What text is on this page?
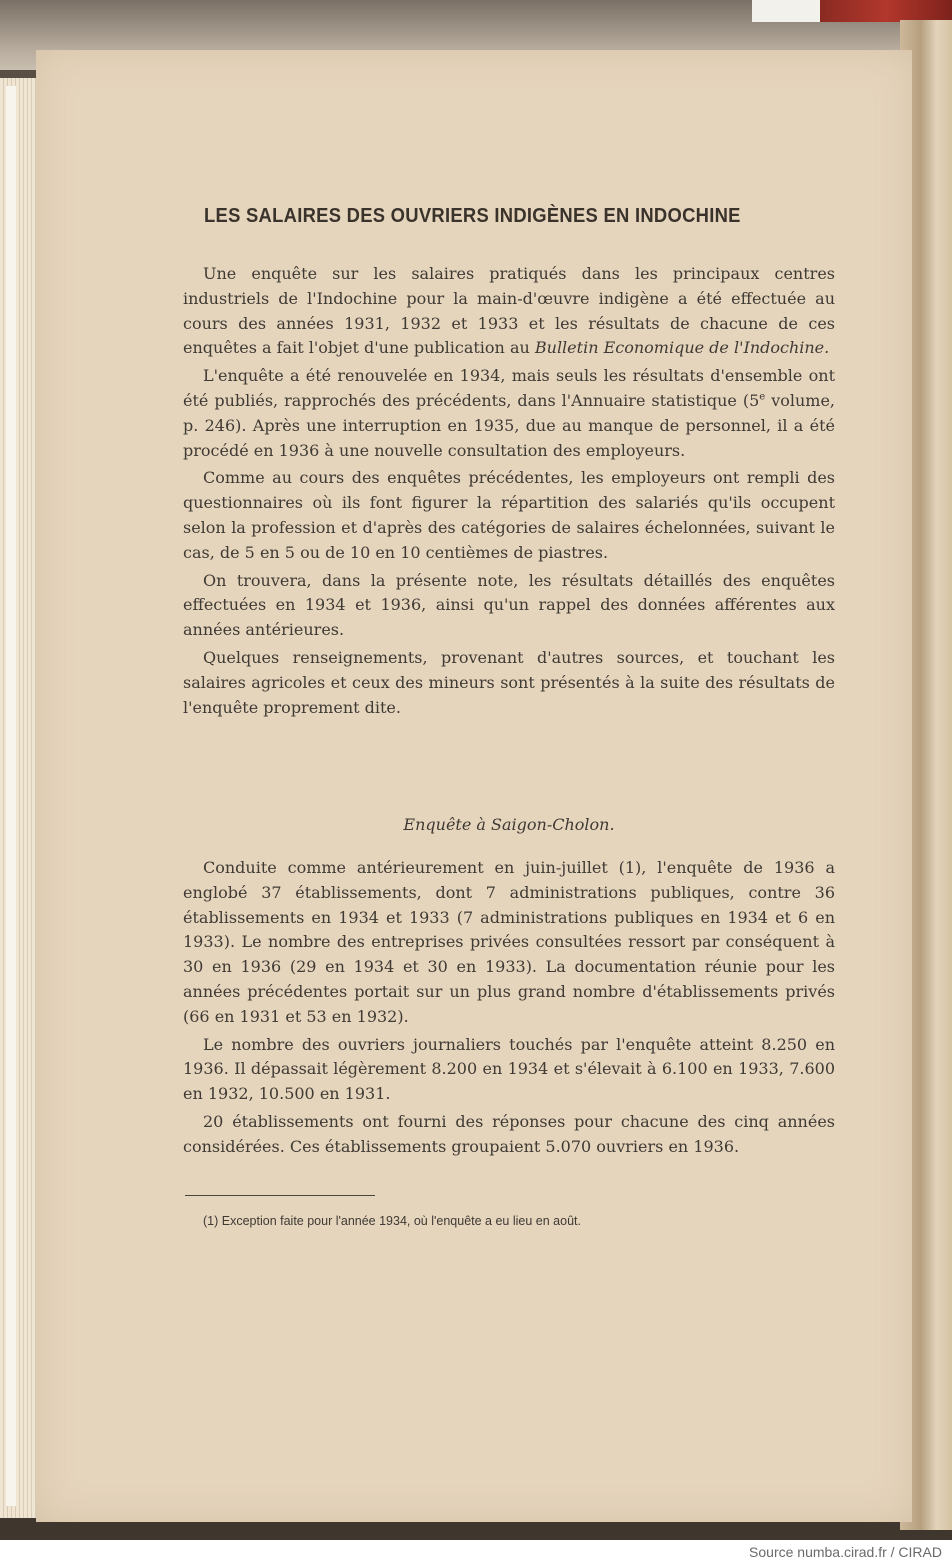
LES SALAIRES DES OUVRIERS INDIGÈNES EN INDOCHINE

Une enquête sur les salaires pratiqués dans les principaux centres industriels de l'Indochine pour la main-d'œuvre indigène a été effectuée au cours des années 1931, 1932 et 1933 et les résultats de chacune de ces enquêtes a fait l'objet d'une publication au Bulletin Economique de l'Indochine.

L'enquête a été renouvelée en 1934, mais seuls les résultats d'ensemble ont été publiés, rapprochés des précédents, dans l'Annuaire statistique (5e volume, p. 246). Après une interruption en 1935, due au manque de personnel, il a été procédé en 1936 à une nouvelle consultation des employeurs.

Comme au cours des enquêtes précédentes, les employeurs ont rempli des questionnaires où ils font figurer la répartition des salariés qu'ils occupent selon la profession et d'après des catégories de salaires échelonnées, suivant le cas, de 5 en 5 ou de 10 en 10 centièmes de piastres.

On trouvera, dans la présente note, les résultats détaillés des enquêtes effectuées en 1934 et 1936, ainsi qu'un rappel des données afférentes aux années antérieures.

Quelques renseignements, provenant d'autres sources, et touchant les salaires agricoles et ceux des mineurs sont présentés à la suite des résultats de l'enquête proprement dite.

Enquête à Saigon-Cholon.

Conduite comme antérieurement en juin-juillet (1), l'enquête de 1936 a englobé 37 établissements, dont 7 administrations publiques, contre 36 établissements en 1934 et 1933 (7 administrations publiques en 1934 et 6 en 1933). Le nombre des entreprises privées consultées ressort par conséquent à 30 en 1936 (29 en 1934 et 30 en 1933). La documentation réunie pour les années précédentes portait sur un plus grand nombre d'établissements privés (66 en 1931 et 53 en 1932).

Le nombre des ouvriers journaliers touchés par l'enquête atteint 8.250 en 1936. Il dépassait légèrement 8.200 en 1934 et s'élevait à 6.100 en 1933, 7.600 en 1932, 10.500 en 1931.

20 établissements ont fourni des réponses pour chacune des cinq années considérées. Ces établissements groupaient 5.070 ouvriers en 1936.

(1) Exception faite pour l'année 1934, où l'enquête a eu lieu en août.
Source numba.cirad.fr / CIRAD
